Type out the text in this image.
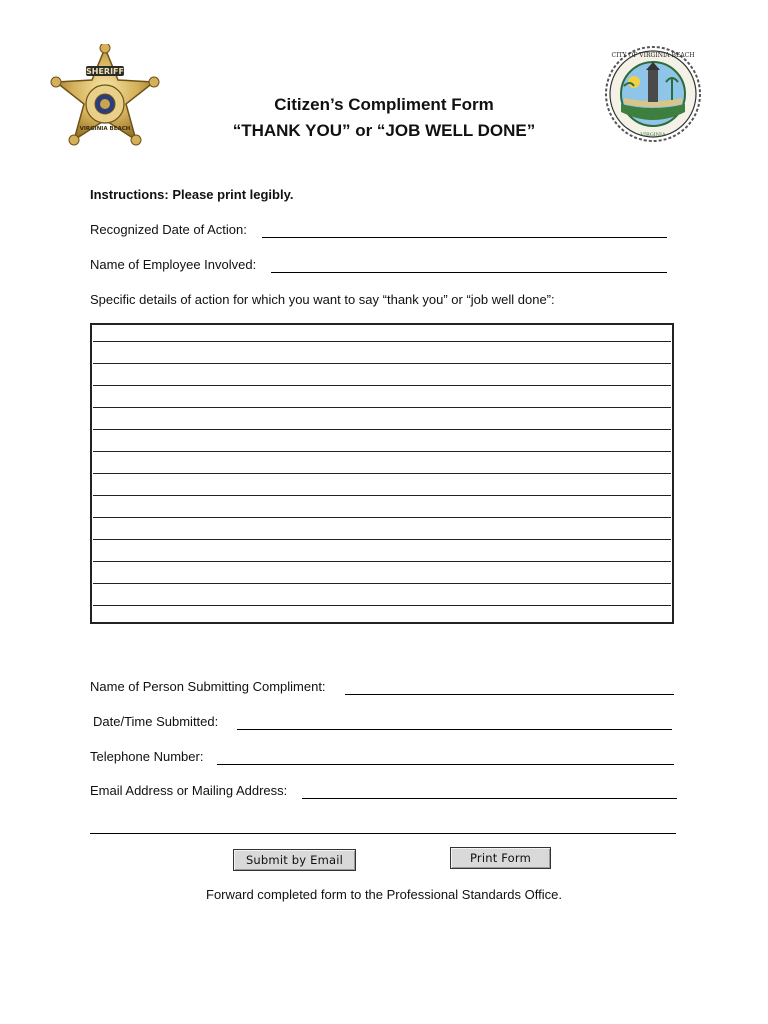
SHERIFF
VIRGINIA BEACH
CITY OF VIRGINIA BEACH
VIRGINIA
Citizen’s Compliment Form
“THANK YOU” or “JOB WELL DONE”
Instructions: Please print legibly.
Recognized Date of Action:
Name of Employee Involved:
Specific details of action for which you want to say “thank you” or “job well done”:
Name of Person Submitting Compliment:
Date/Time Submitted:
Telephone Number:
Email Address or Mailing Address:
Submit by Email	Print Form
Forward completed form to the Professional Standards Office.
